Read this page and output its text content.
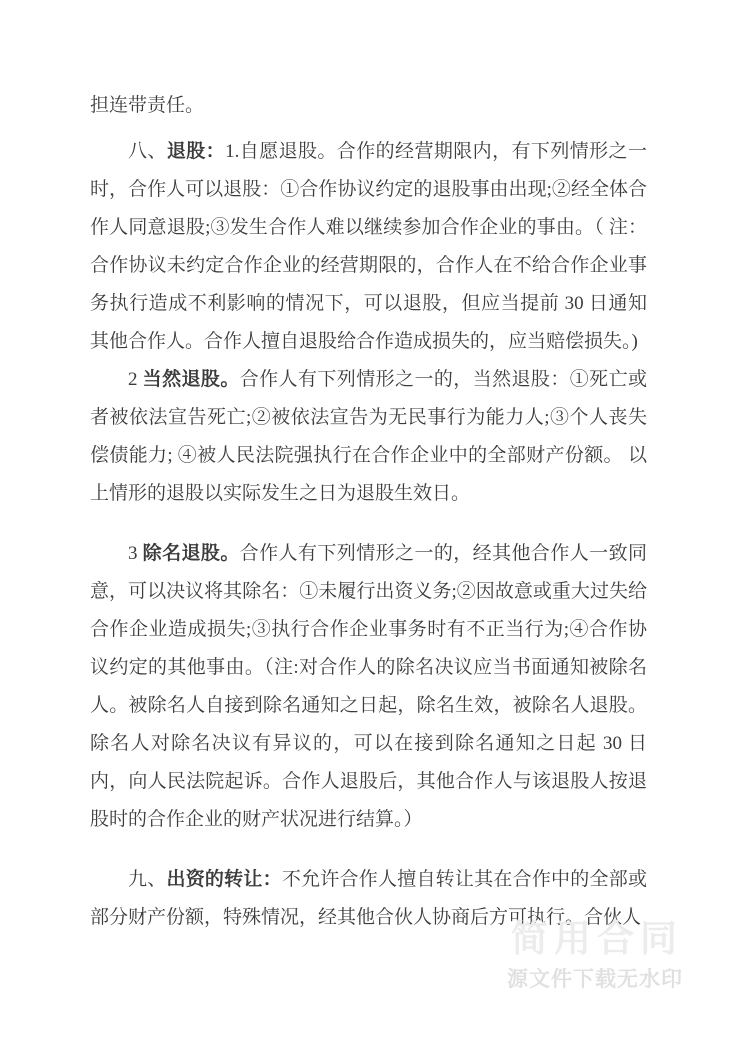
担连带责任。

八、退股：1.自愿退股。合作的经营期限内，有下列情形之一时，合作人可以退股：①合作协议约定的退股事由出现;②经全体合作人同意退股;③发生合作人难以继续参加合作企业的事由。（ 注：合作协议未约定合作企业的经营期限的，合作人在不给合作企业事务执行造成不利影响的情况下，可以退股，但应当提前 30 日通知其他合作人。合作人擅自退股给合作造成损失的，应当赔偿损失。)

2 当然退股。合作人有下列情形之一的，当然退股：①死亡或者被依法宣告死亡;②被依法宣告为无民事行为能力人;③个人丧失偿债能力; ④被人民法院强执行在合作企业中的全部财产份额。 以上情形的退股以实际发生之日为退股生效日。

3 除名退股。合作人有下列情形之一的，经其他合作人一致同意，可以决议将其除名：①未履行出资义务;②因故意或重大过失给合作企业造成损失;③执行合作企业事务时有不正当行为;④合作协议约定的其他事由。（注:对合作人的除名决议应当书面通知被除名人。被除名人自接到除名通知之日起，除名生效，被除名人退股。除名人对除名决议有异议的，可以在接到除名通知之日起 30 日内，向人民法院起诉。合作人退股后，其他合作人与该退股人按退股时的合作企业的财产状况进行结算。）

九、出资的转让：不允许合作人擅自转让其在合作中的全部或部分财产份额，特殊情况，经其他合伙人协商后方可执行。合伙人

简用合同
源文件下载无水印
